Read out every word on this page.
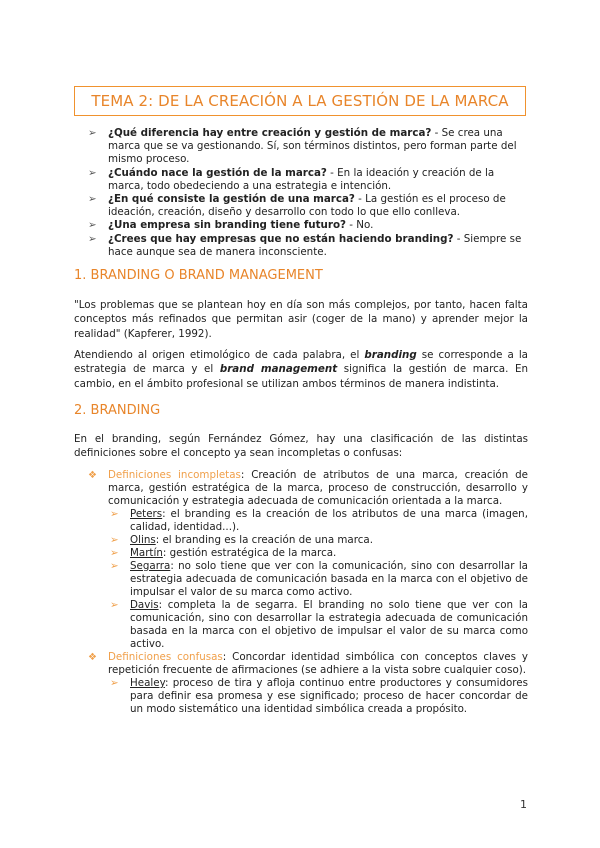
TEMA 2: DE LA CREACIÓN A LA GESTIÓN DE LA MARCA
➢ ¿Qué diferencia hay entre creación y gestión de marca? - Se crea una marca que se va gestionando. Sí, son términos distintos, pero forman parte del mismo proceso.
➢ ¿Cuándo nace la gestión de la marca? - En la ideación y creación de la marca, todo obedeciendo a una estrategia e intención.
➢ ¿En qué consiste la gestión de una marca? - La gestión es el proceso de ideación, creación, diseño y desarrollo con todo lo que ello conlleva.
➢ ¿Una empresa sin branding tiene futuro? - No.
➢ ¿Crees que hay empresas que no están haciendo branding? - Siempre se hace aunque sea de manera inconsciente.
1. BRANDING O BRAND MANAGEMENT
"Los problemas que se plantean hoy en día son más complejos, por tanto, hacen falta conceptos más refinados que permitan asir (coger de la mano) y aprender mejor la realidad" (Kapferer, 1992).
Atendiendo al origen etimológico de cada palabra, el branding se corresponde a la estrategia de marca y el brand management significa la gestión de marca. En cambio, en el ámbito profesional se utilizan ambos términos de manera indistinta.
2. BRANDING
En el branding, según Fernández Gómez, hay una clasificación de las distintas definiciones sobre el concepto ya sean incompletas o confusas:
❖ Definiciones incompletas: Creación de atributos de una marca, creación de marca, gestión estratégica de la marca, proceso de construcción, desarrollo y comunicación y estrategia adecuada de comunicación orientada a la marca.
➢ Peters: el branding es la creación de los atributos de una marca (imagen, calidad, identidad...).
➢ Olins: el branding es la creación de una marca.
➢ Martín: gestión estratégica de la marca.
➢ Segarra: no solo tiene que ver con la comunicación, sino con desarrollar la estrategia adecuada de comunicación basada en la marca con el objetivo de impulsar el valor de su marca como activo.
➢ Davis: completa la de segarra. El branding no solo tiene que ver con la comunicación, sino con desarrollar la estrategia adecuada de comunicación basada en la marca con el objetivo de impulsar el valor de su marca como activo.
❖ Definiciones confusas: Concordar identidad simbólica con conceptos claves y repetición frecuente de afirmaciones (se adhiere a la vista sobre cualquier coso).
➢ Healey: proceso de tira y afloja continuo entre productores y consumidores para definir esa promesa y ese significado; proceso de hacer concordar de un modo sistemático una identidad simbólica creada a propósito.
1
